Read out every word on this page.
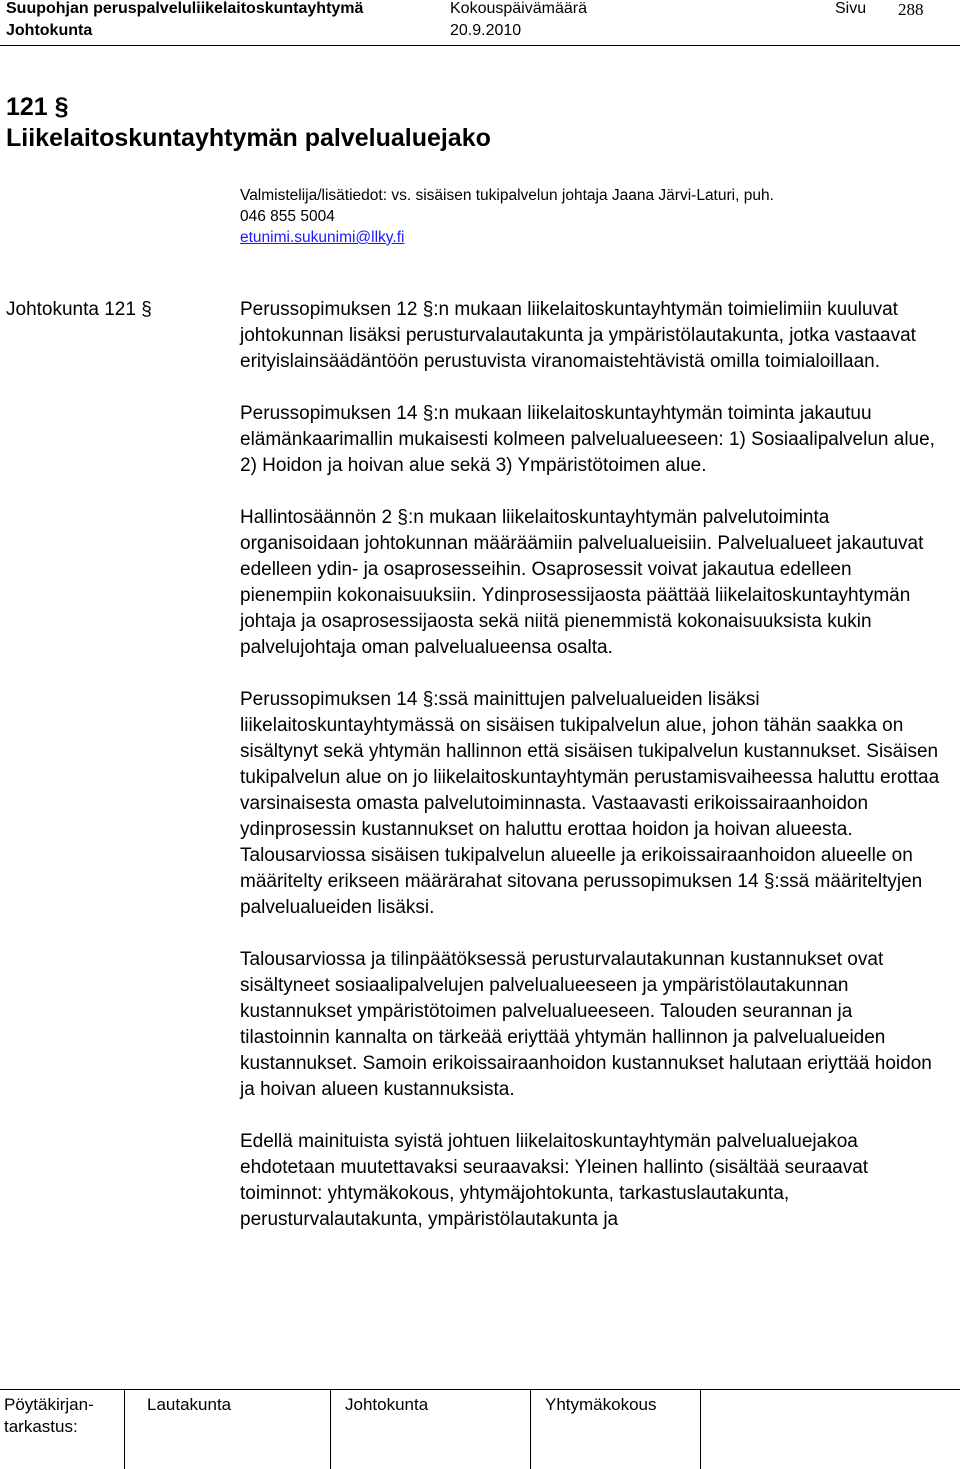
Suupohjan peruspalveluliikelaitoskuntayhtymä	Kokouspäivämäärä	Sivu 288
Johtokunta	20.9.2010
121 §
Liikelaitoskuntayhtymän palvelualuejako
Valmistelija/lisätiedot: vs. sisäisen tukipalvelun johtaja Jaana Järvi-Laturi, puh.
046 855 5004
etunimi.sukunimi@llky.fi
Johtokunta 121 §	Perussopimuksen 12 §:n mukaan liikelaitoskuntayhtymän toimielimiin kuuluvat johtokunnan lisäksi perusturvalautakunta ja ympäristölautakunta, jotka vastaavat erityislainsäädäntöön perustuvista viranomaistehtävistä omilla toimialoillaan.

Perussopimuksen 14 §:n mukaan liikelaitoskuntayhtymän toiminta jakautuu elämänkaarimallin mukaisesti kolmeen palvelualueeseen: 1) Sosiaalipalvelun alue, 2) Hoidon ja hoivan alue sekä 3) Ympäristötoimen alue.

Hallintosäännön 2 §:n mukaan liikelaitoskuntayhtymän palvelutoiminta organisoidaan johtokunnan määräämiin palvelualueisiin. Palvelualueet jakautuvat edelleen ydin- ja osaprosesseihin. Osaprosessit voivat jakautua edelleen pienempiin kokonaisuuksiin. Ydinprosessijaosta päättää liikelaitoskuntayhtymän johtaja ja osaprosessijaosta sekä niitä pienemmistä kokonaisuuksista kukin palvelujohtaja oman palvelualueensa osalta.

Perussopimuksen 14 §:ssä mainittujen palvelualueiden lisäksi liikelaitoskuntayhtymässä on sisäisen tukipalvelun alue, johon tähän saakka on sisältynyt sekä yhtymän hallinnon että sisäisen tukipalvelun kustannukset. Sisäisen tukipalvelun alue on jo liikelaitoskuntayhtymän perustamisvaiheessa haluttu erottaa varsinaisesta omasta palvelutoiminnasta. Vastaavasti erikoissairaanhoidon ydinprosessin kustannukset on haluttu erottaa hoidon ja hoivan alueesta. Talousarviossa sisäisen tukipalvelun alueelle ja erikoissairaanhoidon alueelle on määritelty erikseen määrärahat sitovana perussopimuksen 14 §:ssä määriteltyjen palvelualueiden lisäksi.

Talousarviossa ja tilinpäätöksessä perusturvalautakunnan kustannukset ovat sisältyneet sosiaalipalvelujen palvelualueeseen ja ympäristölautakunnan kustannukset ympäristötoimen palvelualueeseen. Talouden seurannan ja tilastoinnin kannalta on tärkeää eriyttää yhtymän hallinnon ja palvelualueiden kustannukset. Samoin erikoissairaanhoidon kustannukset halutaan eriyttää hoidon ja hoivan alueen kustannuksista.

Edellä mainituista syistä johtuen liikelaitoskuntayhtymän palvelualuejakoa ehdotetaan muutettavaksi seuraavaksi: Yleinen hallinto (sisältää seuraavat toiminnot: yhtymäkokous, yhtymäjohtokunta, tarkastuslautakunta, perusturvalautakunta, ympäristölautakunta ja

Pöytäkirjan-
tarkastus:
Lautakunta	Johtokunta	Yhtymäkokous
